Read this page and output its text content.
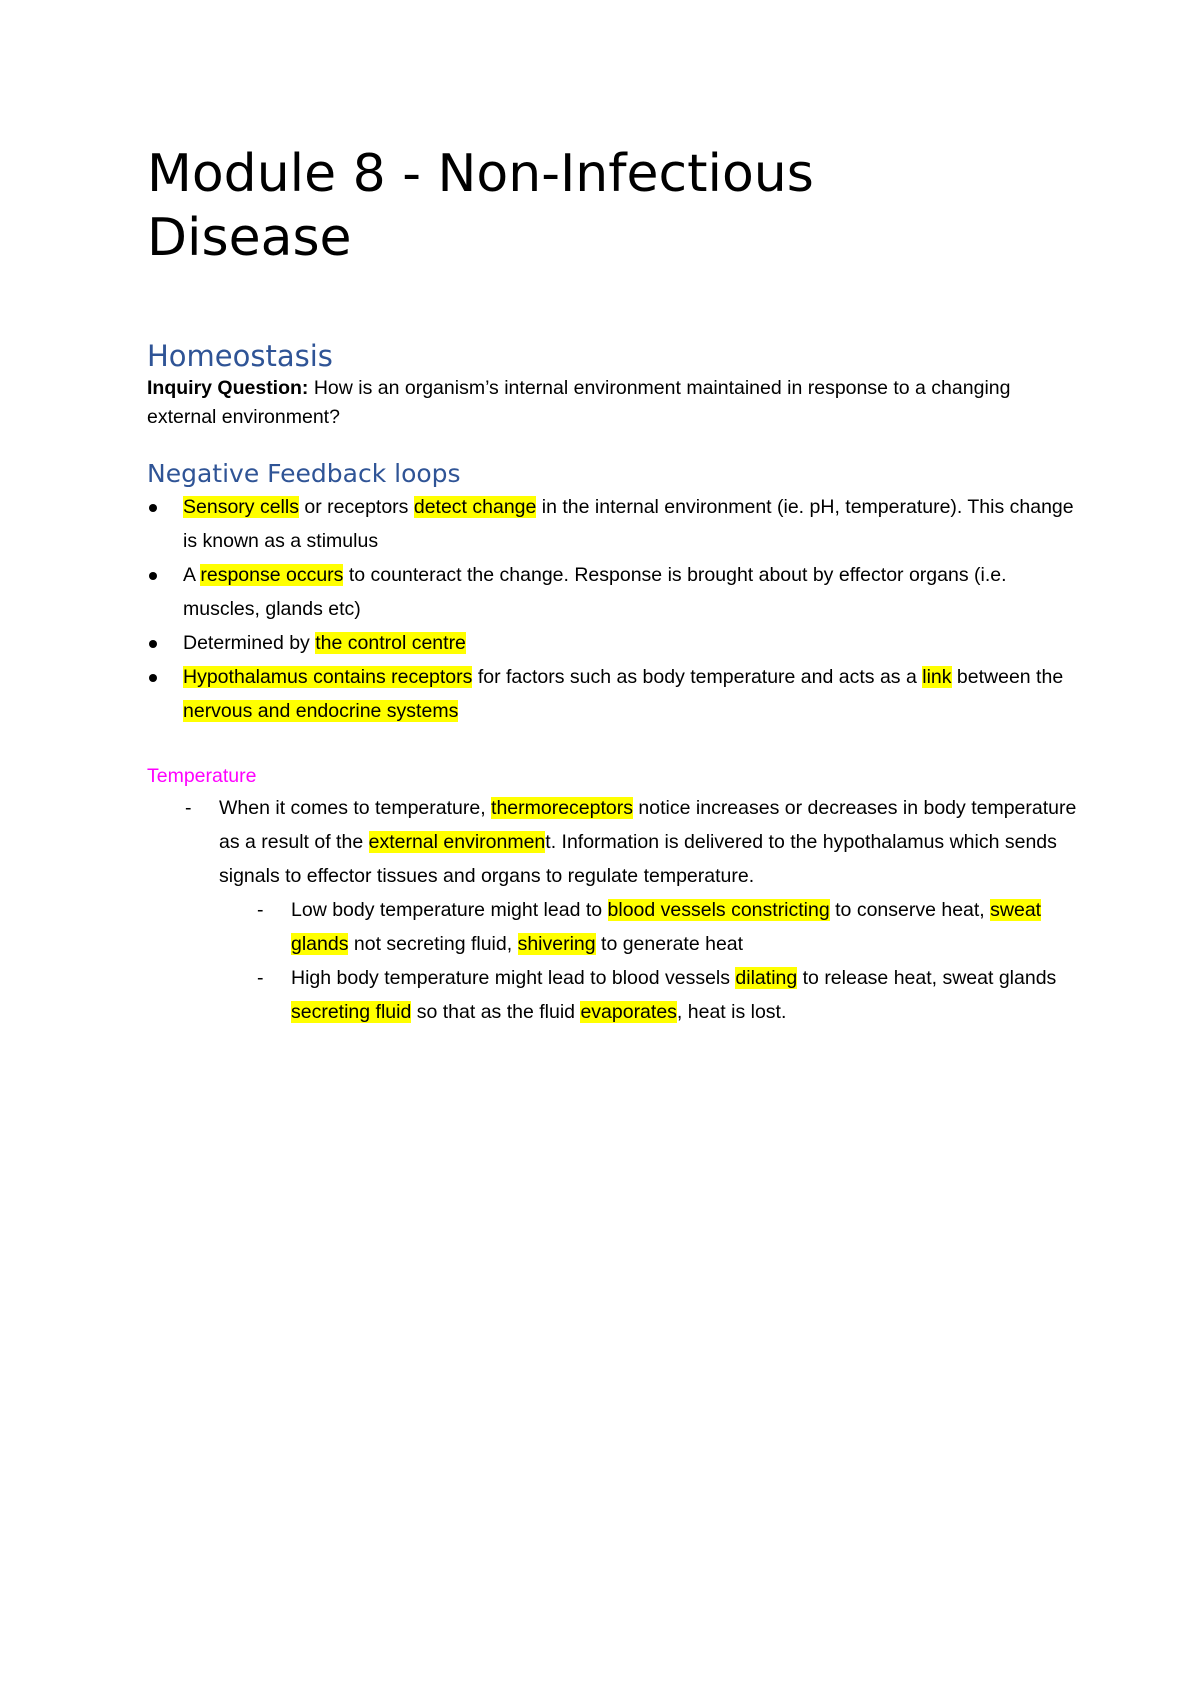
Module 8 - Non-Infectious
Disease
Homeostasis

Inquiry Question: How is an organism’s internal environment maintained in response to a changing external environment?

Negative Feedback loops
Sensory cells or receptors detect change in the internal environment (ie. pH, temperature). This change is known as a stimulus
A response occurs to counteract the change. Response is brought about by effector organs (i.e. muscles, glands etc)
Determined by the control centre
Hypothalamus contains receptors for factors such as body temperature and acts as a link between the nervous and endocrine systems
Temperature
-	When it comes to temperature, thermoreceptors notice increases or decreases in body temperature as a result of the external environment. Information is delivered to the hypothalamus which sends signals to effector tissues and organs to regulate temperature.
-	Low body temperature might lead to blood vessels constricting to conserve heat, sweat glands not secreting fluid, shivering to generate heat
-	High body temperature might lead to blood vessels dilating to release heat, sweat glands secreting fluid so that as the fluid evaporates, heat is lost.
